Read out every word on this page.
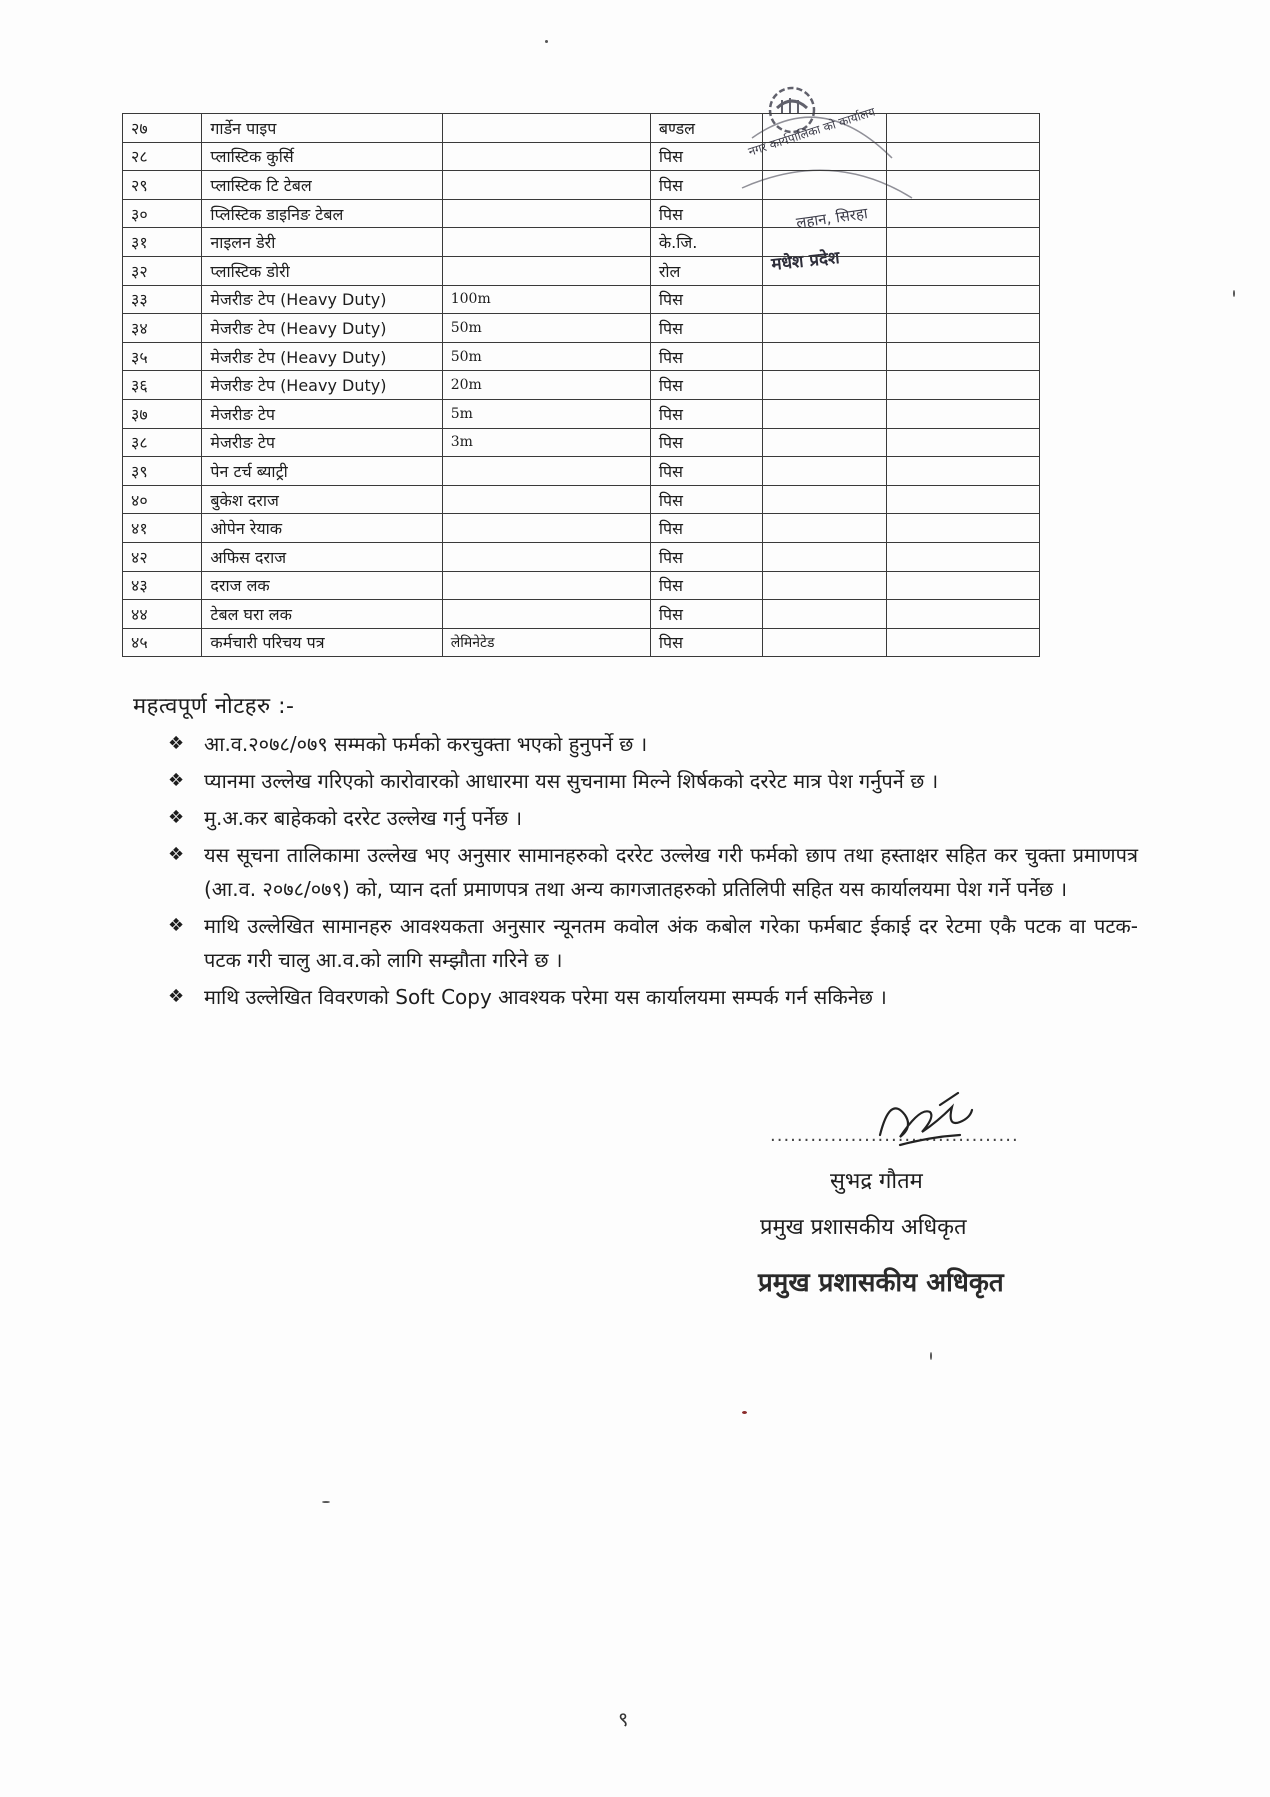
नगर कार्यपालिका को कार्यालय
लहान, सिरहा
मधेश प्रदेश
२७	गार्डेन पाइप		बण्डल		
२८	प्लास्टिक कुर्सि		पिस		
२९	प्लास्टिक टि टेबल		पिस		
३०	प्लिस्टिक डाइनिङ टेबल		पिस		
३१	नाइलन डेरी		के.जि.		
३२	प्लास्टिक डोरी		रोल		
३३	मेजरीङ टेप (Heavy Duty)	100m	पिस		
३४	मेजरीङ टेप (Heavy Duty)	50m	पिस		
३५	मेजरीङ टेप (Heavy Duty)	50m	पिस		
३६	मेजरीङ टेप (Heavy Duty)	20m	पिस		
३७	मेजरीङ टेप	5m	पिस		
३८	मेजरीङ टेप	3m	पिस		
३९	पेन टर्च ब्याट्री		पिस		
४०	बुकेश दराज		पिस		
४१	ओपेन रेयाक		पिस		
४२	अफिस दराज		पिस		
४३	दराज लक		पिस		
४४	टेबल घरा लक		पिस		
४५	कर्मचारी परिचय पत्र	लेमिनेटेड	पिस		
महत्वपूर्ण नोटहरु :-
❖ आ.व.२०७८/०७९ सम्मको फर्मको करचुक्ता भएको हुनुपर्ने छ ।
❖ प्यानमा उल्लेख गरिएको कारोवारको आधारमा यस सुचनामा मिल्ने शिर्षकको दररेट मात्र पेश गर्नुपर्ने छ ।
❖ मु.अ.कर बाहेकको दररेट उल्लेख गर्नु पर्नेछ ।
❖ यस सूचना तालिकामा उल्लेख भए अनुसार सामानहरुको दररेट उल्लेख गरी फर्मको छाप तथा हस्ताक्षर सहित कर चुक्ता प्रमाणपत्र (आ.व. २०७८/०७९) को, प्यान दर्ता प्रमाणपत्र तथा अन्य कागजातहरुको प्रतिलिपी सहित यस कार्यालयमा पेश गर्ने पर्नेछ ।
❖ माथि उल्लेखित सामानहरु आवश्यकता अनुसार न्यूनतम कवोल अंक कबोल गरेका फर्मबाट ईकाई दर रेटमा एकै पटक वा पटक-पटक गरी चालु आ.व.को लागि सम्झौता गरिने छ ।
❖ माथि उल्लेखित विवरणको Soft Copy आवश्यक परेमा यस कार्यालयमा सम्पर्क गर्न सकिनेछ ।
.....................................
सुभद्र गौतम
प्रमुख प्रशासकीय अधिकृत
प्रमुख प्रशासकीय अधिकृत
९
